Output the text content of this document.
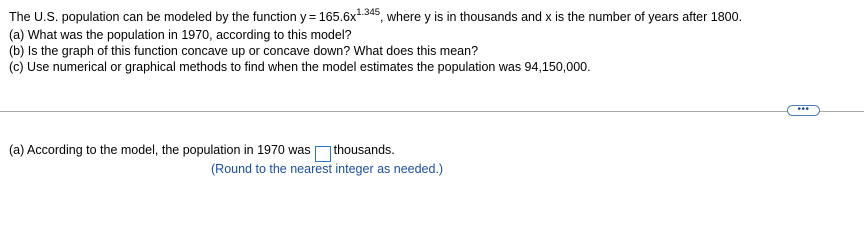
The U.S. population can be modeled by the function $y = 165.6x^{1.345}$, where y is in thousands and x is the number of years after 1800.
(a) What was the population in 1970, according to this model?
(b) Is the graph of this function concave up or concave down? What does this mean?
(c) Use numerical or graphical methods to find when the model estimates the population was 94,150,000.
•••
(a) According to the model, the population in 1970 was thousands.
(Round to the nearest integer as needed.)
